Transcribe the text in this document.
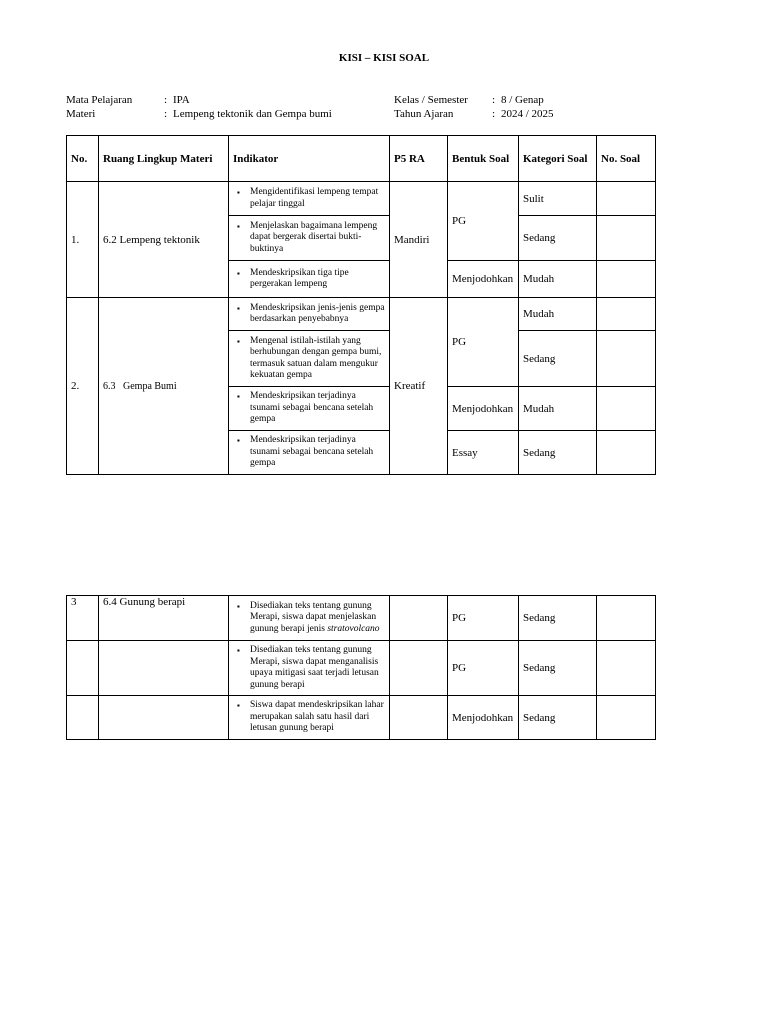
KISI – KISI SOAL
Mata Pelajaran	: IPA
Materi	: Lempeng tektonik dan Gempa bumi
Kelas / Semester : 8 / Genap
Tahun Ajaran	: 2024 / 2025
No.	Ruang Lingkup Materi	Indikator	P5 RA	Bentuk Soal	Kategori Soal	No. Soal
1.	6.2 Lempeng tektonik	▪ Mengidentifikasi lempeng tempat pelajar tinggal	Mandiri	PG	Sulit	

		▪ Menjelaskan bagaimana lempeng dapat bergerak disertai bukti-buktinya			Sedang	

		▪ Mendeskripsikan tiga tipe pergerakan lempeng		Menjodohkan	Mudah	
2.	6.3   Gempa Bumi	▪ Mendeskripsikan jenis-jenis gempa berdasarkan penyebabnya	Kreatif	PG	Mudah	

		▪ Mengenal istilah-istilah yang berhubungan dengan gempa bumi, termasuk satuan dalam mengukur kekuatan gempa			Sedang	

		▪ Mendeskripsikan terjadinya tsunami sebagai bencana setelah gempa		Menjodohkan	Mudah	

		▪ Mendeskripsikan terjadinya tsunami sebagai bencana setelah gempa		Essay	Sedang	
3	6.4 Gunung berapi	▪ Disediakan teks tentang gunung Merapi, siswa dapat menjelaskan gunung berapi jenis stratovolcano		PG	Sedang	

		▪ Disediakan teks tentang gunung Merapi, siswa dapat menganalisis upaya mitigasi saat terjadi letusan gunung berapi		PG	Sedang	

		▪ Siswa dapat mendeskripsikan lahar merupakan salah satu hasil dari letusan gunung berapi		Menjodohkan	Sedang	
